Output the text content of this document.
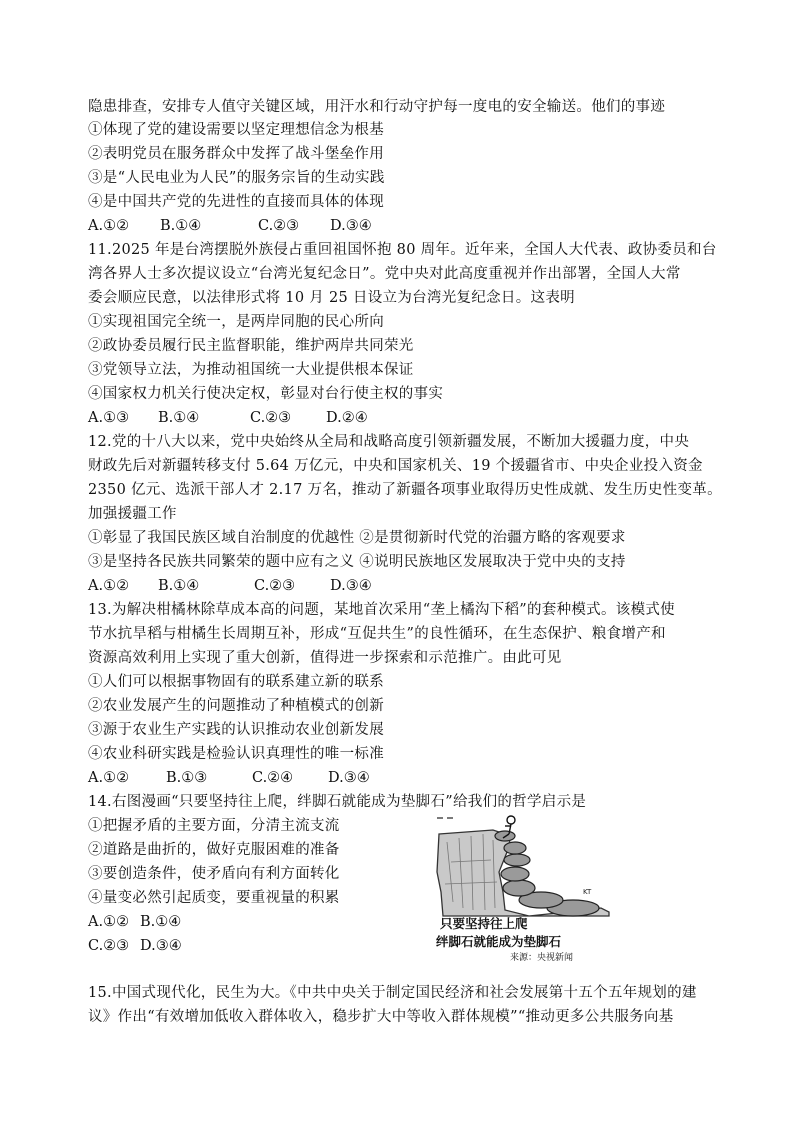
隐患排查，安排专人值守关键区域，用汗水和行动守护每一度电的安全输送。他们的事迹
①体现了党的建设需要以坚定理想信念为根基
②表明党员在服务群众中发挥了战斗堡垒作用
③是“人民电业为人民”的服务宗旨的生动实践
④是中国共产党的先进性的直接而具体的体现
A.①② B.①④	C.②③ D.③④
11.2025 年是台湾摆脱外族侵占重回祖国怀抱 80 周年。近年来，全国人大代表、政协委员和台
湾各界人士多次提议设立“台湾光复纪念日”。党中央对此高度重视并作出部署，全国人大常
委会顺应民意，以法律形式将 10 月 25 日设立为台湾光复纪念日。这表明
①实现祖国完全统一，是两岸同胞的民心所向
②政协委员履行民主监督职能，维护两岸共同荣光
③党领导立法，为推动祖国统一大业提供根本保证
④国家权力机关行使决定权，彰显对台行使主权的事实
A.①③ B.①④	C.②③ D.②④
12.党的十八大以来，党中央始终从全局和战略高度引领新疆发展，不断加大援疆力度，中央
财政先后对新疆转移支付 5.64 万亿元，中央和国家机关、19 个援疆省市、中央企业投入资金
2350 亿元、选派干部人才 2.17 万名，推动了新疆各项事业取得历史性成就、发生历史性变革。
加强援疆工作
①彰显了我国民族区域自治制度的优越性 ②是贯彻新时代党的治疆方略的客观要求
③是坚持各民族共同繁荣的题中应有之义 ④说明民族地区发展取决于党中央的支持
A.①② B.①④	C.②③ D.③④
13.为解决柑橘林除草成本高的问题，某地首次采用“垄上橘沟下稻”的套种模式。该模式使
节水抗旱稻与柑橘生长周期互补，形成“互促共生”的良性循环，在生态保护、粮食增产和
资源高效利用上实现了重大创新，值得进一步探索和示范推广。由此可见
①人们可以根据事物固有的联系建立新的联系
②农业发展产生的问题推动了种植模式的创新
③源于农业生产实践的认识推动农业创新发展
④农业科研实践是检验认识真理性的唯一标准
A.①②	B.①③	C.②④ D.③④
14.右图漫画“只要坚持往上爬，绊脚石就能成为垫脚石”给我们的哲学启示是
①把握矛盾的主要方面，分清主流支流
②道路是曲折的，做好克服困难的准备
③要创造条件，使矛盾向有利方面转化
④量变必然引起质变，要重视量的积累
A.①② B.①④
C.②③ D.③④
KT
只要坚持往上爬
绊脚石就能成为垫脚石
来源：央视新闻
15.中国式现代化，民生为大。《中共中央关于制定国民经济和社会发展第十五个五年规划的建
议》作出“有效增加低收入群体收入，稳步扩大中等收入群体规模”“推动更多公共服务向基
